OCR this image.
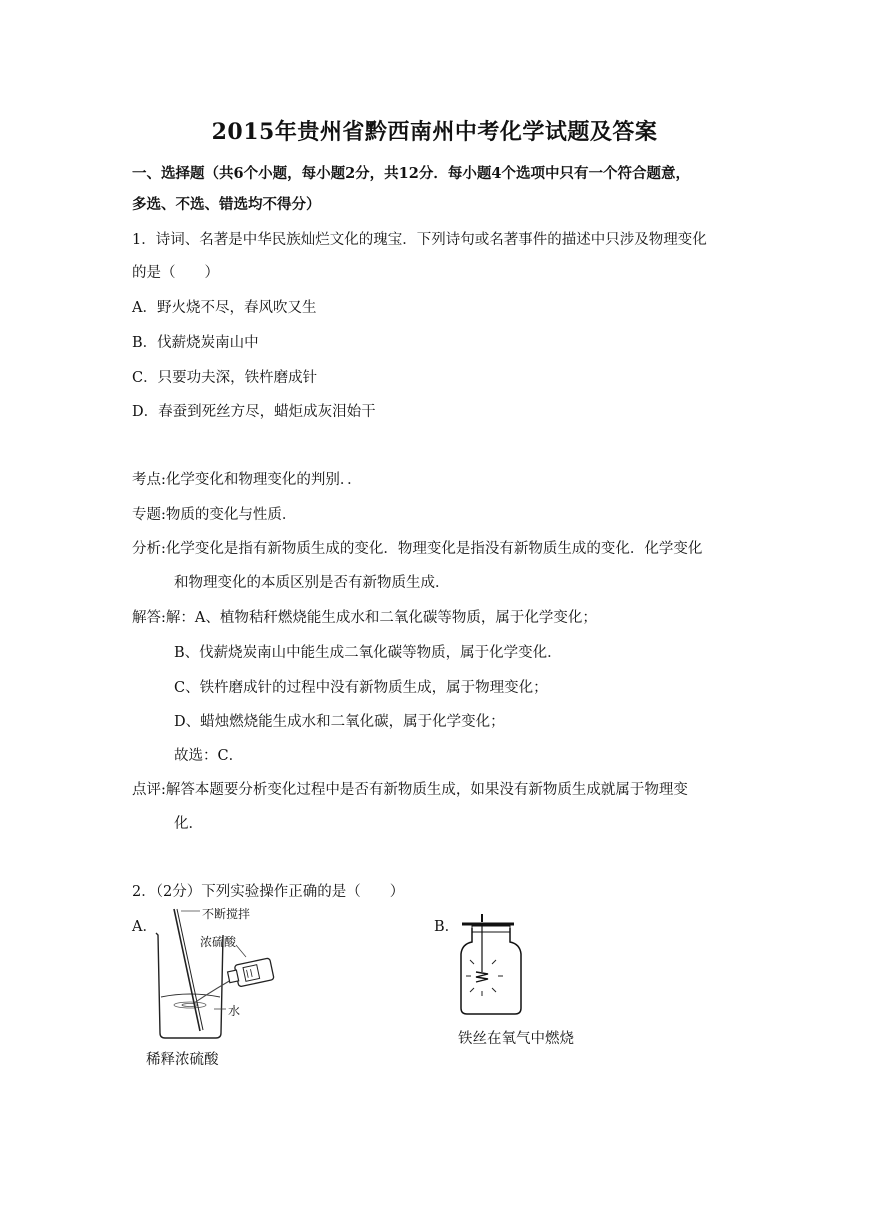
2015年贵州省黔西南州中考化学试题及答案
一、选择题（共6个小题，每小题2分，共12分．每小题4个选项中只有一个符合题意，
多选、不选、错选均不得分）
1．诗词、名著是中华民族灿烂文化的瑰宝．下列诗句或名著事件的描述中只涉及物理变化
的是（　　）
A．野火烧不尽，春风吹又生
B．伐薪烧炭南山中
C．只要功夫深，铁杵磨成针
D．春蚕到死丝方尽，蜡炬成灰泪始干
考点:化学变化和物理变化的判别．．
专题:物质的变化与性质．
分析:化学变化是指有新物质生成的变化．物理变化是指没有新物质生成的变化．化学变化
和物理变化的本质区别是否有新物质生成．
解答:解：A、植物秸秆燃烧能生成水和二氧化碳等物质，属于化学变化；
B、伐薪烧炭南山中能生成二氧化碳等物质，属于化学变化．
C、铁杵磨成针的过程中没有新物质生成，属于物理变化；
D、蜡烛燃烧能生成水和二氧化碳，属于化学变化；
故选：C．
点评:解答本题要分析变化过程中是否有新物质生成，如果没有新物质生成就属于物理变
化．
2．（2分）下列实验操作正确的是（　　）
A．
不断搅拌
浓硫酸
水
稀释浓硫酸
B．
铁丝在氧气中燃烧
